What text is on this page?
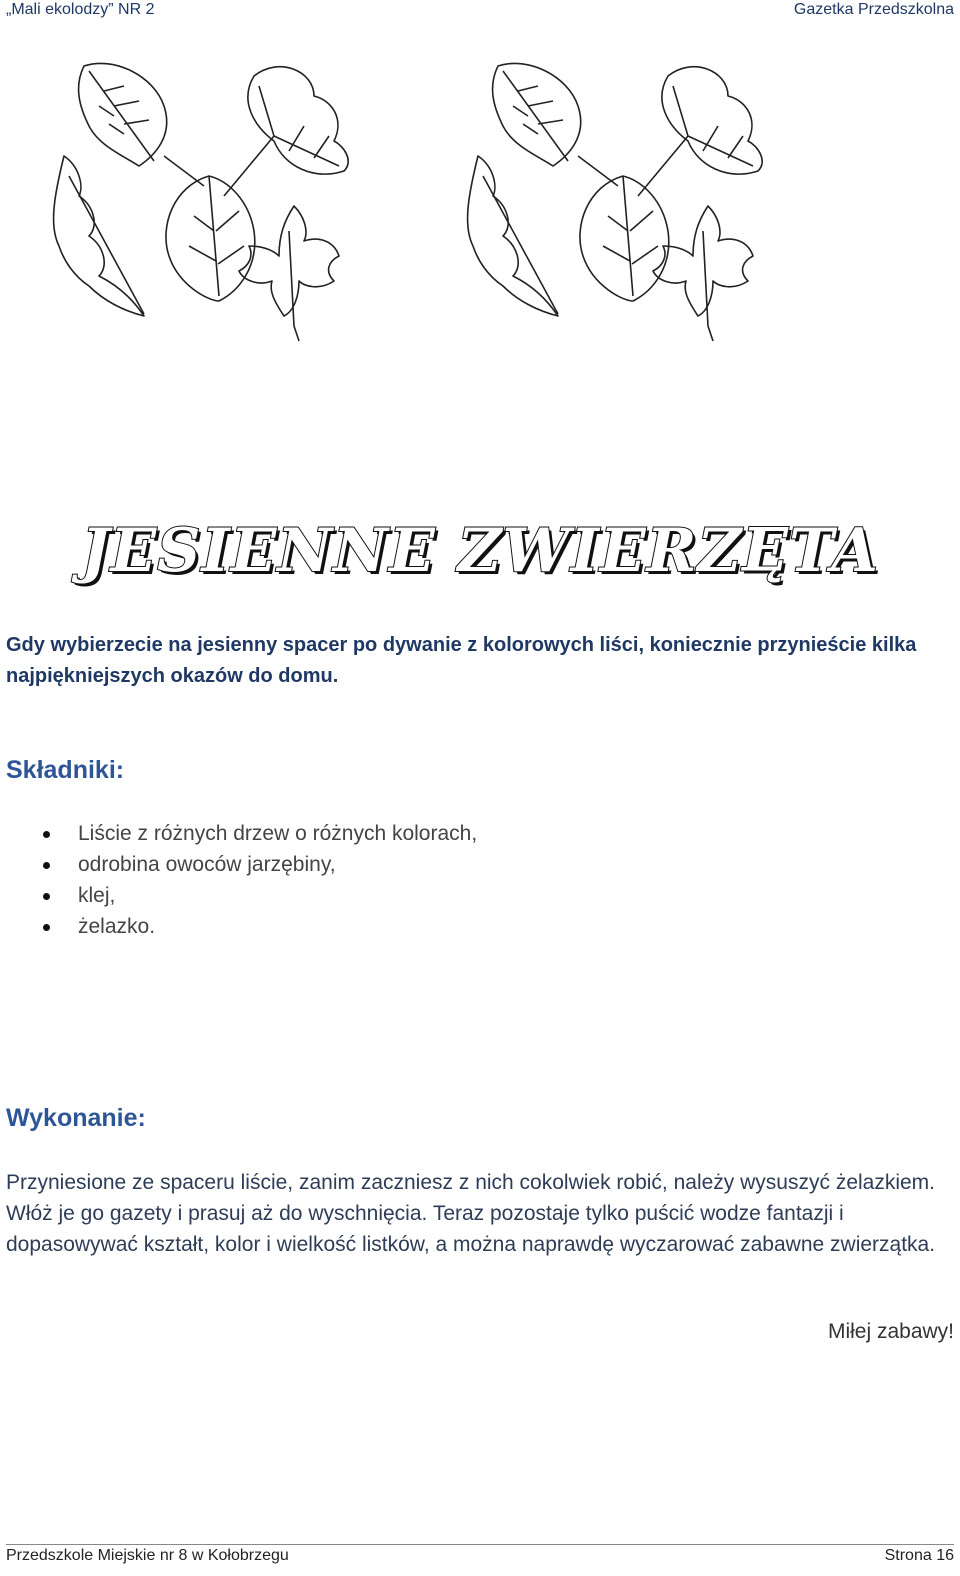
„Mali ekolodzy” NR 2	Gazetka Przedszkolna
JESIENNE ZWIERZĘTA
Gdy wybierzecie na jesienny spacer po dywanie z kolorowych liści, koniecznie przynieście kilka najpiękniejszych okazów do domu.
Składniki:
Liście z różnych drzew o różnych kolorach,
odrobina owoców jarzębiny,
klej,
żelazko.
Wykonanie:
Przyniesione ze spaceru liście, zanim zaczniesz z nich cokolwiek robić, należy wysuszyć żelazkiem. Włóż je go gazety i prasuj aż do wyschnięcia. Teraz pozostaje tylko puścić wodze fantazji i dopasowywać kształt, kolor i wielkość listków, a można naprawdę wyczarować zabawne zwierzątka.
Miłej zabawy!
Przedszkole Miejskie nr 8 w Kołobrzegu	Strona 16
